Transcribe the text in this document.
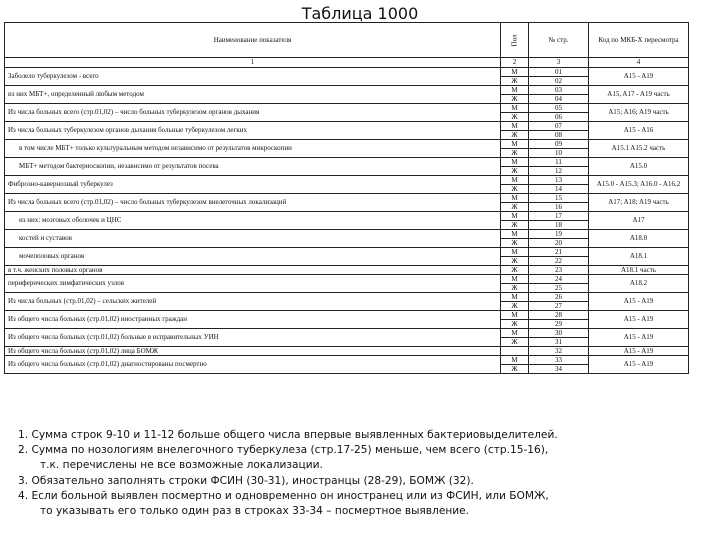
Таблица 1000
Наименование показателя	Пол	№ стр.	Код по МКБ-X пересмотра
1	2	3	4
Заболело туберкулезом - всего	М	01	A15 - A19
	Ж	02	
из них МБТ+, определенный любым методом	М	03	A15, A17 - A19 часть
	Ж	04	
Из числа больных всего (стр.01,02) – число больных туберкулезом органов дыхания	М	05	A15; A16; A19 часть
	Ж	06	
Из числа больных туберкулезом органов дыхания больные туберкулезом легких	М	07	A15 - A16
	Ж	08	
в том числе МБТ+ только культуральным методом независимо от результатов микроскопии	М	09	A15.1 A15.2 часть
	Ж	10	
МБТ+ методом бактериоскопии, независимо от результатов посева	М	11	A15.0
	Ж	12	
Фиброзно-кавернозный туберкулез	М	13	A15.0 - A15.3; A16.0 - A16.2
	Ж	14	
Из числа больных всего (стр.01,02) – число больных туберкулезом внелегочных локализаций	М	15	A17; A18; A19 часть
	Ж	16	
из них: мозговых оболочек и ЦНС	М	17	A17
	Ж	18	
костей и суставов	М	19	A18.0
	Ж	20	
мочеполовых органов	М	21	A18.1
	Ж	22	
в т.ч. женских половых органов	Ж	23	A18.1 часть
периферических лимфатических узлов	М	24	A18.2
	Ж	25	
Из числа больных (стр.01,02) – сельских жителей	М	26	A15 - A19
	Ж	27	
Из общего числа больных (стр.01,02) иностранных граждан	М	28	A15 - A19
	Ж	29	
Из общего числа больных (стр.01,02) больные в исправительных УИН	М	30	A15 - A19
	Ж	31	
Из общего числа больных (стр.01,02) лица БОМЖ		32	A15 - A19
Из общего числа больных (стр.01,02) диагностированы посмертно	М	33	A15 - A19
	Ж	34	
1. Сумма строк 9-10 и 11-12 больше общего числа впервые выявленных бактериовыделителей.
2. Сумма по нозологиям внелегочного туберкулеза (стр.17-25) меньше, чем всего (стр.15-16),
т.к. перечислены не все возможные локализации.
3. Обязательно заполнять строки ФСИН (30-31), иностранцы (28-29), БОМЖ (32).
4. Если больной выявлен посмертно и одновременно он иностранец или из ФСИН, или БОМЖ,
то указывать его только один раз в строках 33-34 – посмертное выявление.
